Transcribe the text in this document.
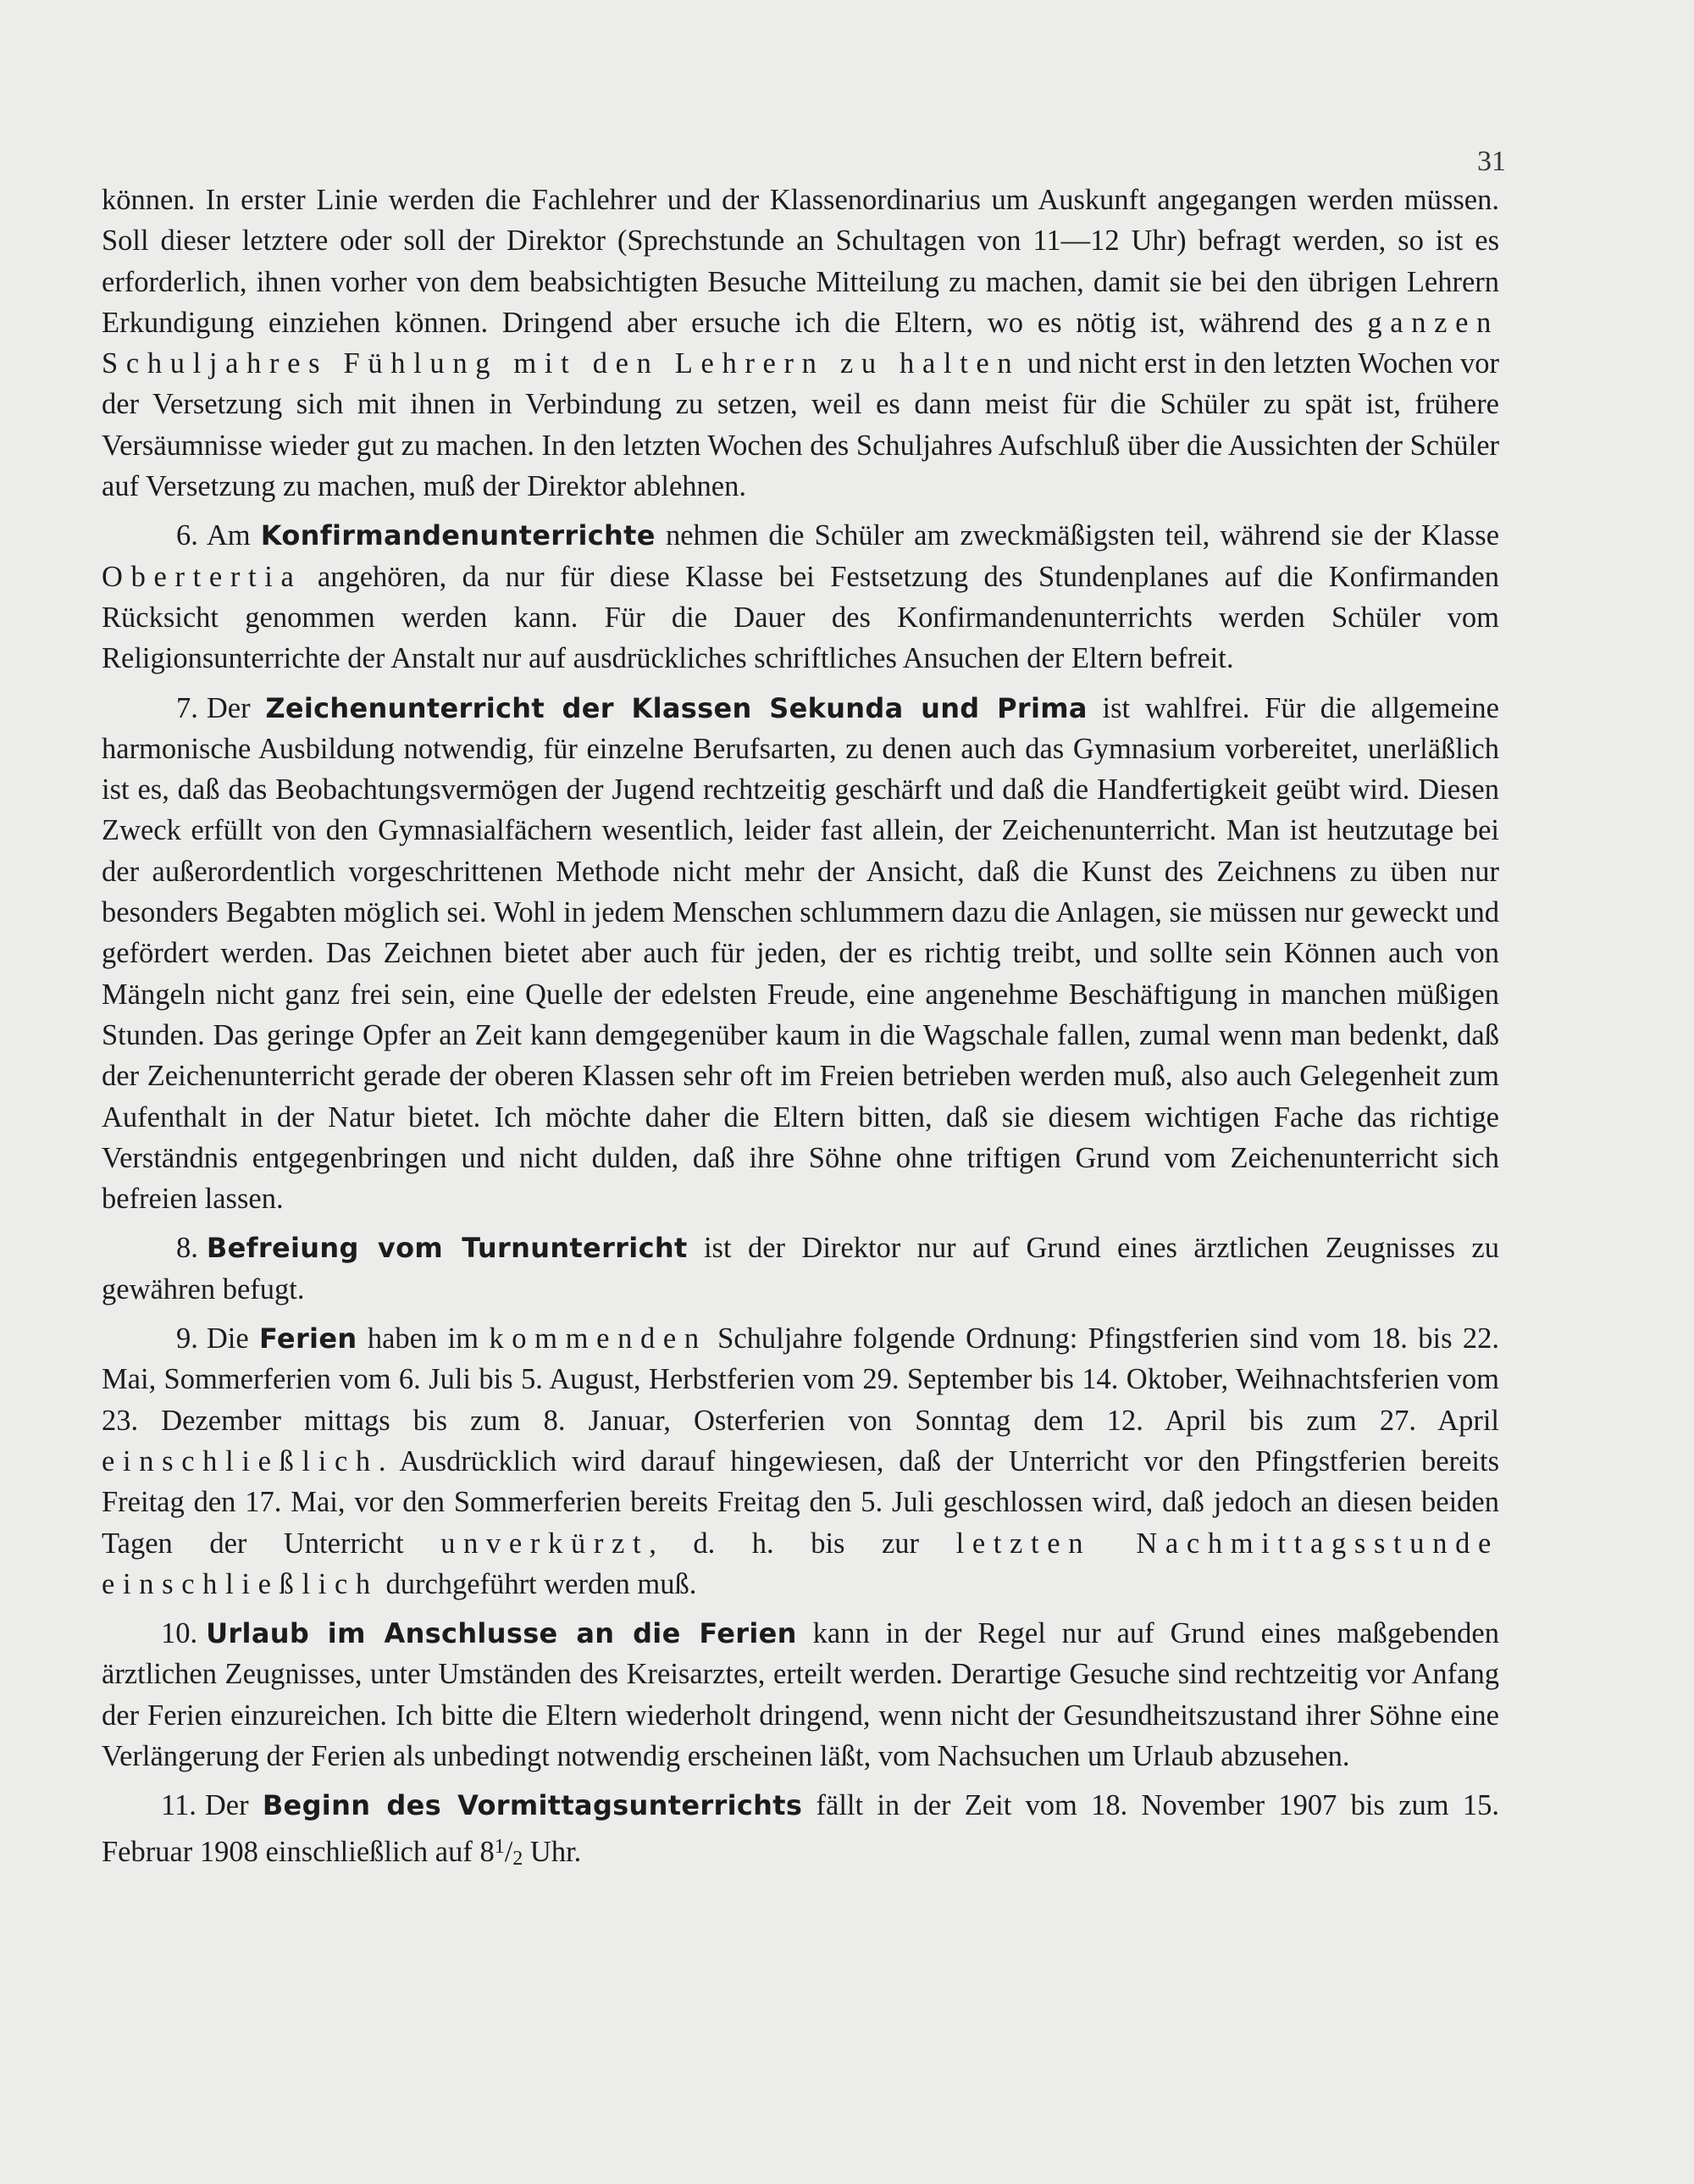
31

können. In erster Linie werden die Fachlehrer und der Klassenordinarius um Auskunft angegangen werden müssen. Soll dieser letztere oder soll der Direktor (Sprechstunde an Schultagen von 11—12 Uhr) befragt werden, so ist es erforderlich, ihnen vorher von dem beabsichtigten Besuche Mitteilung zu machen, damit sie bei den übrigen Lehrern Erkundigung einziehen können. Dringend aber ersuche ich die Eltern, wo es nötig ist, während des ganzen Schuljahres Fühlung mit den Lehrern zu halten und nicht erst in den letzten Wochen vor der Versetzung sich mit ihnen in Verbindung zu setzen, weil es dann meist für die Schüler zu spät ist, frühere Versäumnisse wieder gut zu machen. In den letzten Wochen des Schuljahres Aufschluß über die Aussichten der Schüler auf Versetzung zu machen, muß der Direktor ablehnen.

6. Am Konfirmandenunterrichte nehmen die Schüler am zweckmäßigsten teil, während sie der Klasse Obertertia angehören, da nur für diese Klasse bei Festsetzung des Stundenplanes auf die Konfirmanden Rücksicht genommen werden kann. Für die Dauer des Konfirmandenunterrichts werden Schüler vom Religionsunterrichte der Anstalt nur auf ausdrückliches schriftliches Ansuchen der Eltern befreit.

7. Der Zeichenunterricht der Klassen Sekunda und Prima ist wahlfrei. Für die allgemeine harmonische Ausbildung notwendig, für einzelne Berufsarten, zu denen auch das Gymnasium vorbereitet, unerläßlich ist es, daß das Beobachtungsvermögen der Jugend rechtzeitig geschärft und daß die Handfertigkeit geübt wird. Diesen Zweck erfüllt von den Gymnasialfächern wesentlich, leider fast allein, der Zeichenunterricht. Man ist heutzutage bei der außerordentlich vorgeschrittenen Methode nicht mehr der Ansicht, daß die Kunst des Zeichnens zu üben nur besonders Begabten möglich sei. Wohl in jedem Menschen schlummern dazu die Anlagen, sie müssen nur geweckt und gefördert werden. Das Zeichnen bietet aber auch für jeden, der es richtig treibt, und sollte sein Können auch von Mängeln nicht ganz frei sein, eine Quelle der edelsten Freude, eine angenehme Beschäftigung in manchen müßigen Stunden. Das geringe Opfer an Zeit kann demgegenüber kaum in die Wagschale fallen, zumal wenn man bedenkt, daß der Zeichenunterricht gerade der oberen Klassen sehr oft im Freien betrieben werden muß, also auch Gelegenheit zum Aufenthalt in der Natur bietet. Ich möchte daher die Eltern bitten, daß sie diesem wichtigen Fache das richtige Verständnis entgegenbringen und nicht dulden, daß ihre Söhne ohne triftigen Grund vom Zeichenunterricht sich befreien lassen.

8. Befreiung vom Turnunterricht ist der Direktor nur auf Grund eines ärztlichen Zeugnisses zu gewähren befugt.

9. Die Ferien haben im kommenden Schuljahre folgende Ordnung: Pfingstferien sind vom 18. bis 22. Mai, Sommerferien vom 6. Juli bis 5. August, Herbstferien vom 29. September bis 14. Oktober, Weihnachtsferien vom 23. Dezember mittags bis zum 8. Januar, Osterferien von Sonntag dem 12. April bis zum 27. April einschließlich. Ausdrücklich wird darauf hingewiesen, daß der Unterricht vor den Pfingstferien bereits Freitag den 17. Mai, vor den Sommerferien bereits Freitag den 5. Juli geschlossen wird, daß jedoch an diesen beiden Tagen der Unterricht unverkürzt, d. h. bis zur letzten Nachmittagsstunde einschließlich durchgeführt werden muß.

10. Urlaub im Anschlusse an die Ferien kann in der Regel nur auf Grund eines maßgebenden ärztlichen Zeugnisses, unter Umständen des Kreisarztes, erteilt werden. Derartige Gesuche sind rechtzeitig vor Anfang der Ferien einzureichen. Ich bitte die Eltern wiederholt dringend, wenn nicht der Gesundheitszustand ihrer Söhne eine Verlängerung der Ferien als unbedingt notwendig erscheinen läßt, vom Nachsuchen um Urlaub abzusehen.

11. Der Beginn des Vormittagsunterrichts fällt in der Zeit vom 18. November 1907 bis zum 15. Februar 1908 einschließlich auf $8^1/2$ Uhr.
